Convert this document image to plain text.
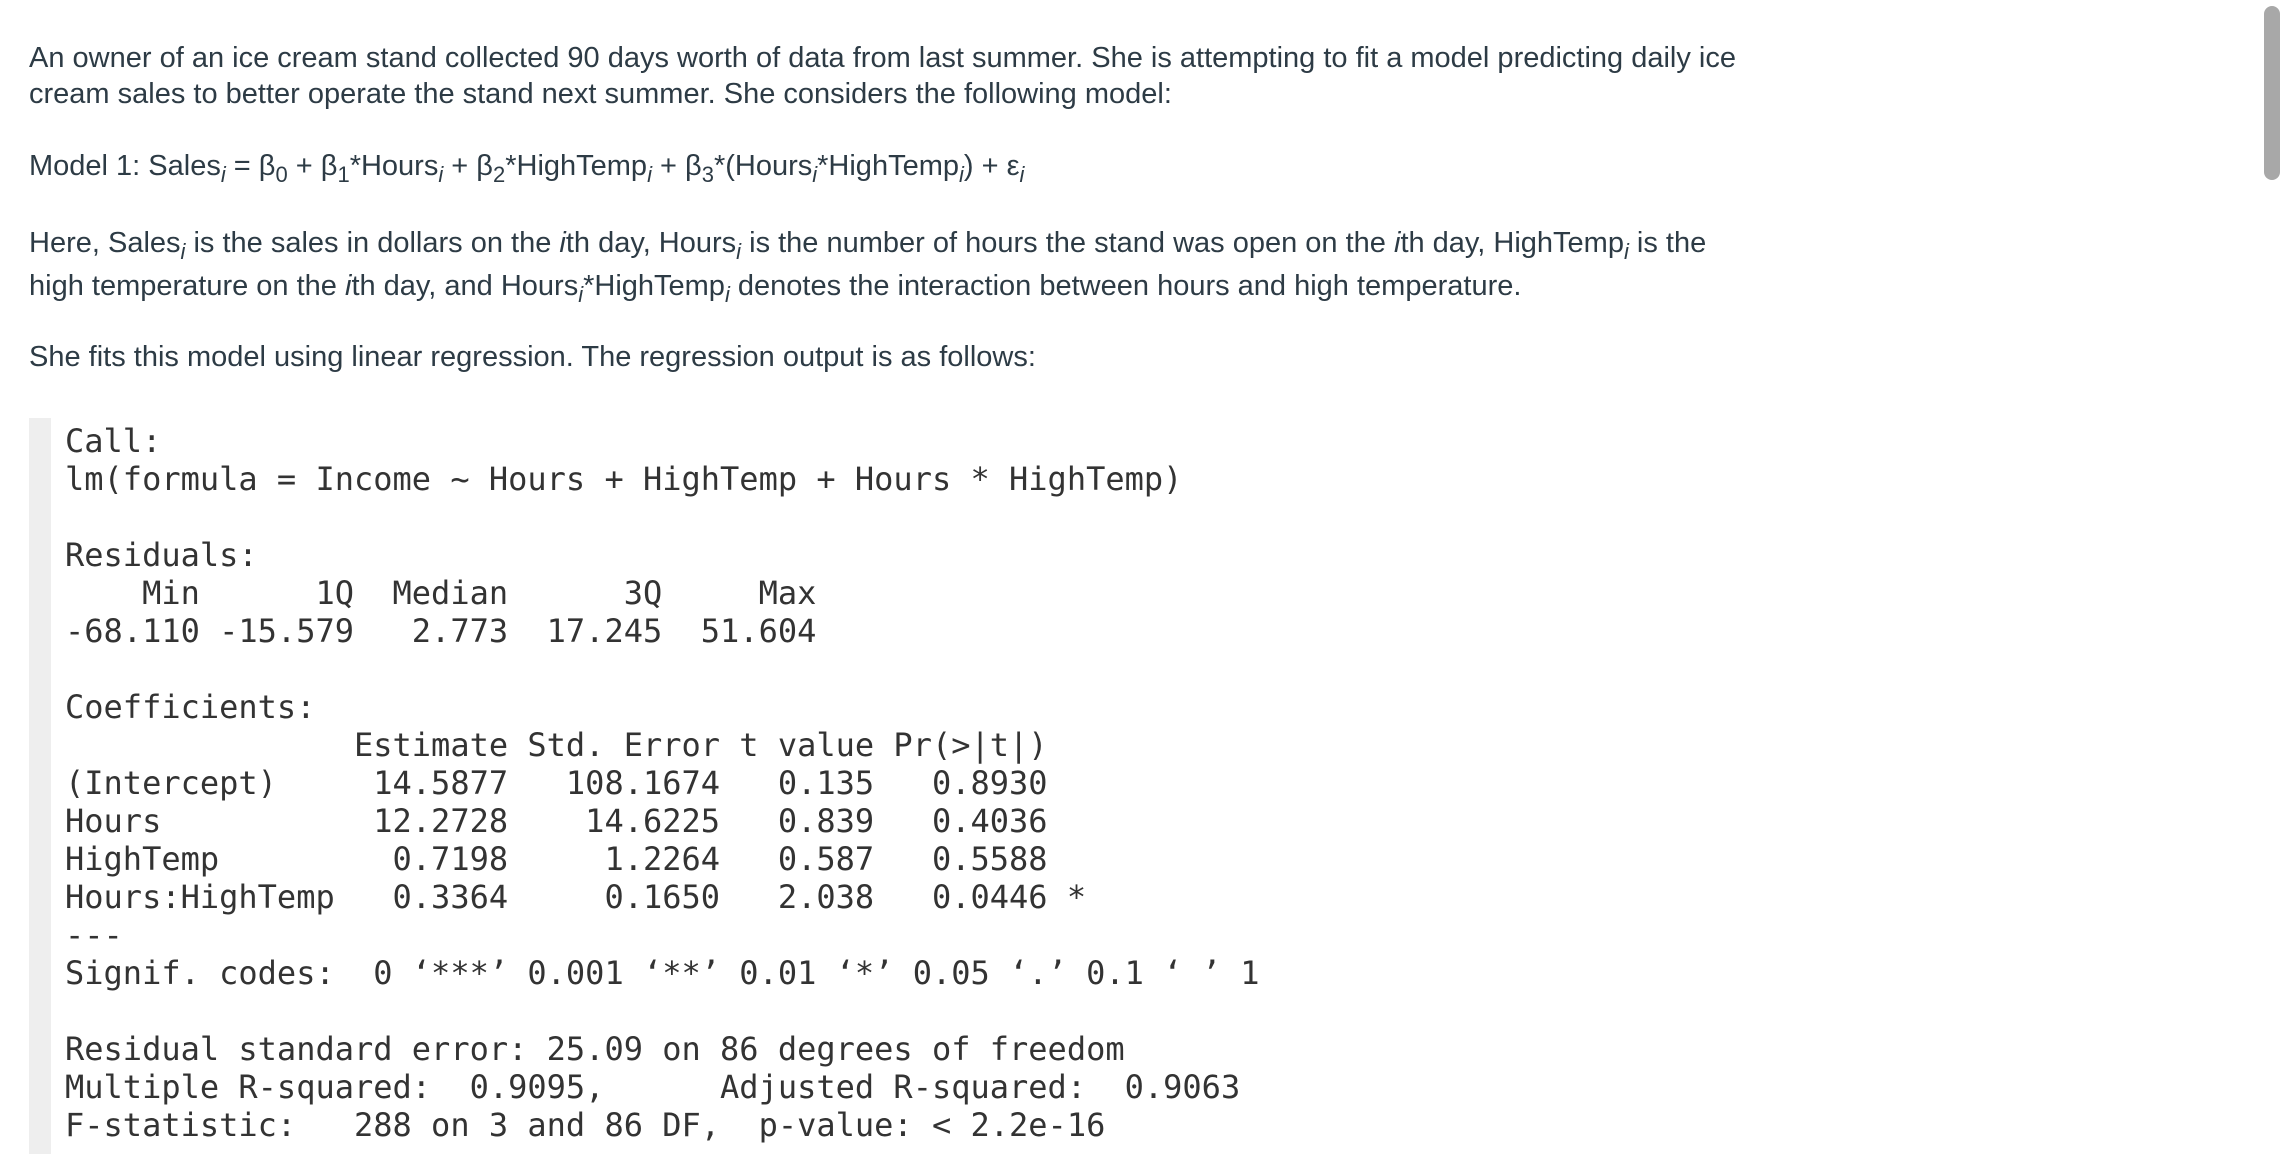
An owner of an ice cream stand collected 90 days worth of data from last summer. She is attempting to fit a model predicting daily ice
cream sales to better operate the stand next summer. She considers the following model:

Model 1: Sales$_i$ = $\beta_0$ + $\beta_1*Hours_i$ + $\beta_2*HighTemp_i$ + $\beta_3*(Hours_i*HighTemp_i) + \varepsilon_i$

Here, Sales$_i$ is the sales in dollars on the ith day, Hours$_i$ is the number of hours the stand was open on the ith day, HighTemp$_i$ is the
high temperature on the ith day, and Hours$_i$*HighTemp$_i$ denotes the interaction between hours and high temperature.

She fits this model using linear regression. The regression output is as follows:

Call:
lm(formula = Income ~ Hours + HighTemp + Hours * HighTemp)

Residuals:
Min      1Q  Median      3Q     Max
-68.110 -15.579   2.773  17.245  51.604

Coefficients:
Estimate Std. Error t value Pr(>|t|)
(Intercept)     14.5877   108.1674   0.135   0.8930
Hours           12.2728    14.6225   0.839   0.4036
HighTemp         0.7198     1.2264   0.587   0.5588
Hours:HighTemp   0.3364     0.1650   2.038   0.0446 *
---
Signif. codes:  0 ‘***’ 0.001 ‘**’ 0.01 ‘*’ 0.05 ‘.’ 0.1 ‘ ’ 1

Residual standard error: 25.09 on 86 degrees of freedom
Multiple R-squared:  0.9095,      Adjusted R-squared:  0.9063
F-statistic:   288 on 3 and 86 DF,  p-value: < 2.2e-16
